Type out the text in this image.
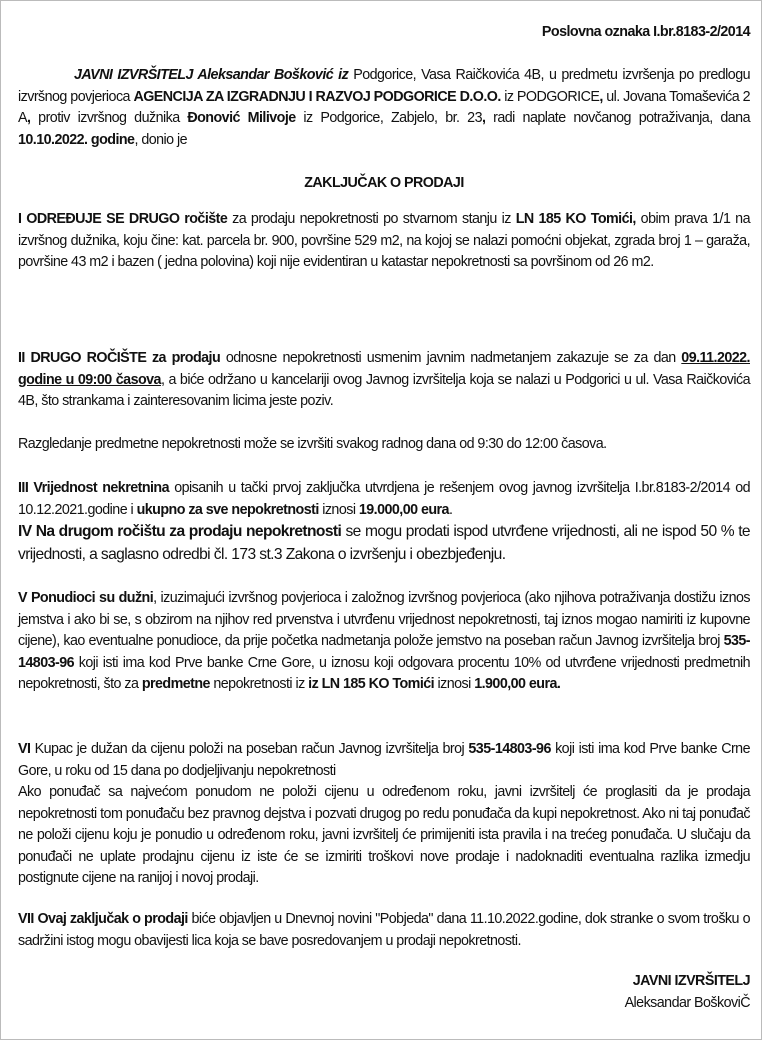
Poslovna oznaka I.br.8183-2/2014
JAVNI IZVRŠITELJ Aleksandar Bošković iz Podgorice, Vasa Raičkovića 4B, u predmetu izvršenja po predlogu izvršnog povjerioca AGENCIJA ZA IZGRADNJU I RAZVOJ PODGORICE D.O.O. iz PODGORICE, ul. Jovana Tomaševića 2 A, protiv izvršnog dužnika Đonović Milivoje iz Podgorice, Zabjelo, br. 23, radi naplate novčanog potraživanja, dana 10.10.2022. godine, donio je
ZAKLJUČAK O PRODAJI
I ODREĐUJE SE DRUGO ročište za prodaju nepokretnosti po stvarnom stanju iz LN 185 KO Tomići, obim prava 1/1 na izvršnog dužnika, koju čine: kat. parcela br. 900, površine 529 m2, na kojoj se nalazi pomoćni objekat, zgrada broj 1 – garaža, površine 43 m2 i bazen ( jedna polovina) koji nije evidentiran u katastar nepokretnosti sa površinom od 26 m2.
II DRUGO ROČIŠTE za prodaju odnosne nepokretnosti usmenim javnim nadmetanjem zakazuje se za dan 09.11.2022. godine u 09:00 časova, a biće održano u kancelariji ovog Javnog izvršitelja koja se nalazi u Podgorici u ul. Vasa Raičkovića 4B, što strankama i zainteresovanim licima jeste poziv.
Razgledanje predmetne nepokretnosti može se izvršiti svakog radnog dana od 9:30 do 12:00 časova.
III Vrijednost nekretnina opisanih u tački prvoj zaključka utvrdjena je rešenjem ovog javnog izvršitelja I.br.8183-2/2014 od 10.12.2021.godine i ukupno za sve nepokretnosti iznosi 19.000,00 eura.
IV Na drugom ročištu za prodaju nepokretnosti se mogu prodati ispod utvrđene vrijednosti, ali ne ispod 50 % te vrijednosti, a saglasno odredbi čl. 173 st.3 Zakona o izvršenju i obezbjeđenju.
V Ponudioci su dužni, izuzimajući izvršnog povjerioca i založnog izvršnog povjerioca (ako njihova potraživanja dostižu iznos jemstva i ako bi se, s obzirom na njihov red prvenstva i utvrđenu vrijednost nepokretnosti, taj iznos mogao namiriti iz kupovne cijene), kao eventualne ponudioce, da prije početka nadmetanja polože jemstvo na poseban račun Javnog izvršitelja broj 535-14803-96 koji isti ima kod Prve banke Crne Gore, u iznosu koji odgovara procentu 10% od utvrđene vrijednosti predmetnih nepokretnosti, što za predmetne nepokretnosti iz iz LN 185 KO Tomići iznosi 1.900,00 eura.
VI Kupac je dužan da cijenu položi na poseban račun Javnog izvršitelja broj 535-14803-96 koji isti ima kod Prve banke Crne Gore, u roku od 15 dana po dodjeljivanju nepokretnosti
Ako ponuđač sa najvećom ponudom ne položi cijenu u određenom roku, javni izvršitelj će proglasiti da je prodaja nepokretnosti tom ponuđaču bez pravnog dejstva i pozvati drugog po redu ponuđača da kupi nepokretnost. Ako ni taj ponuđač ne položi cijenu koju je ponudio u određenom roku, javni izvršitelj će primijeniti ista pravila i na trećeg ponuđača. U slučaju da ponuđači ne uplate prodajnu cijenu iz iste će se izmiriti troškovi nove prodaje i nadoknaditi eventualna razlika izmedju postignute cijene na ranijoj i novoj prodaji.
VII Ovaj zaključak o prodaji biće objavljen u Dnevnoj novini "Pobjeda" dana 11.10.2022.godine, dok stranke o svom trošku o sadržini istog mogu obavijesti lica koja se bave posredovanjem u prodaji nepokretnosti.
JAVNI IZVRŠITELJ
Aleksandar BoškoviČ
